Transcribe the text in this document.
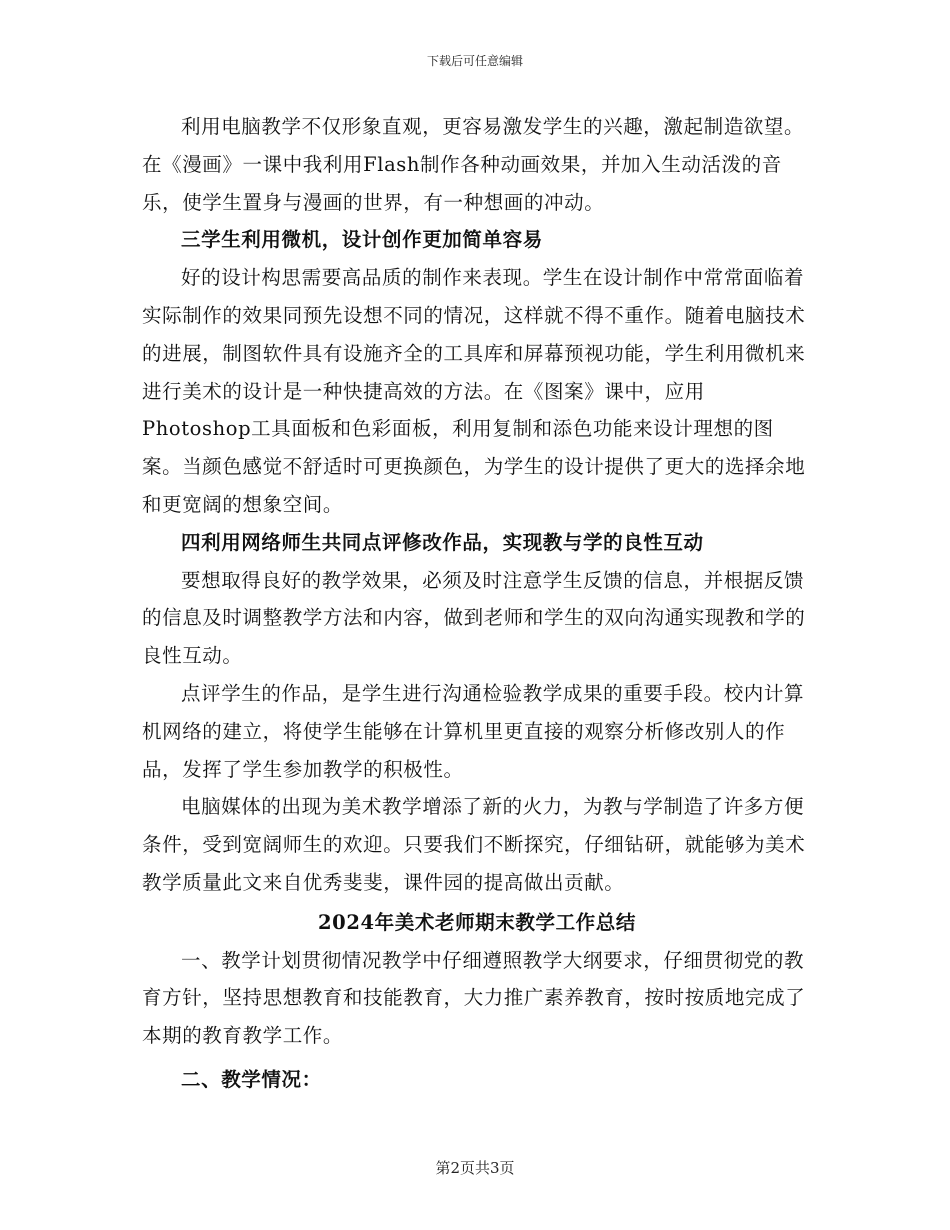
下载后可任意编辑

利用电脑教学不仅形象直观，更容易激发学生的兴趣，激起制造欲望。在《漫画》一课中我利用Flash制作各种动画效果，并加入生动活泼的音乐，使学生置身与漫画的世界，有一种想画的冲动。

三学生利用微机，设计创作更加简单容易

好的设计构思需要高品质的制作来表现。学生在设计制作中常常面临着实际制作的效果同预先设想不同的情况，这样就不得不重作。随着电脑技术的进展，制图软件具有设施齐全的工具库和屏幕预视功能，学生利用微机来进行美术的设计是一种快捷高效的方法。在《图案》课中，应用Photoshop工具面板和色彩面板，利用复制和添色功能来设计理想的图案。当颜色感觉不舒适时可更换颜色，为学生的设计提供了更大的选择余地和更宽阔的想象空间。

四利用网络师生共同点评修改作品，实现教与学的良性互动

要想取得良好的教学效果，必须及时注意学生反馈的信息，并根据反馈的信息及时调整教学方法和内容，做到老师和学生的双向沟通实现教和学的良性互动。

点评学生的作品，是学生进行沟通检验教学成果的重要手段。校内计算机网络的建立，将使学生能够在计算机里更直接的观察分析修改别人的作品，发挥了学生参加教学的积极性。

电脑媒体的出现为美术教学增添了新的火力，为教与学制造了许多方便条件，受到宽阔师生的欢迎。只要我们不断探究，仔细钻研，就能够为美术教学质量此文来自优秀斐斐，课件园的提高做出贡献。

2024年美术老师期末教学工作总结

一、教学计划贯彻情况教学中仔细遵照教学大纲要求，仔细贯彻党的教育方针，坚持思想教育和技能教育，大力推广素养教育，按时按质地完成了本期的教育教学工作。

二、教学情况：

第2页共3页
